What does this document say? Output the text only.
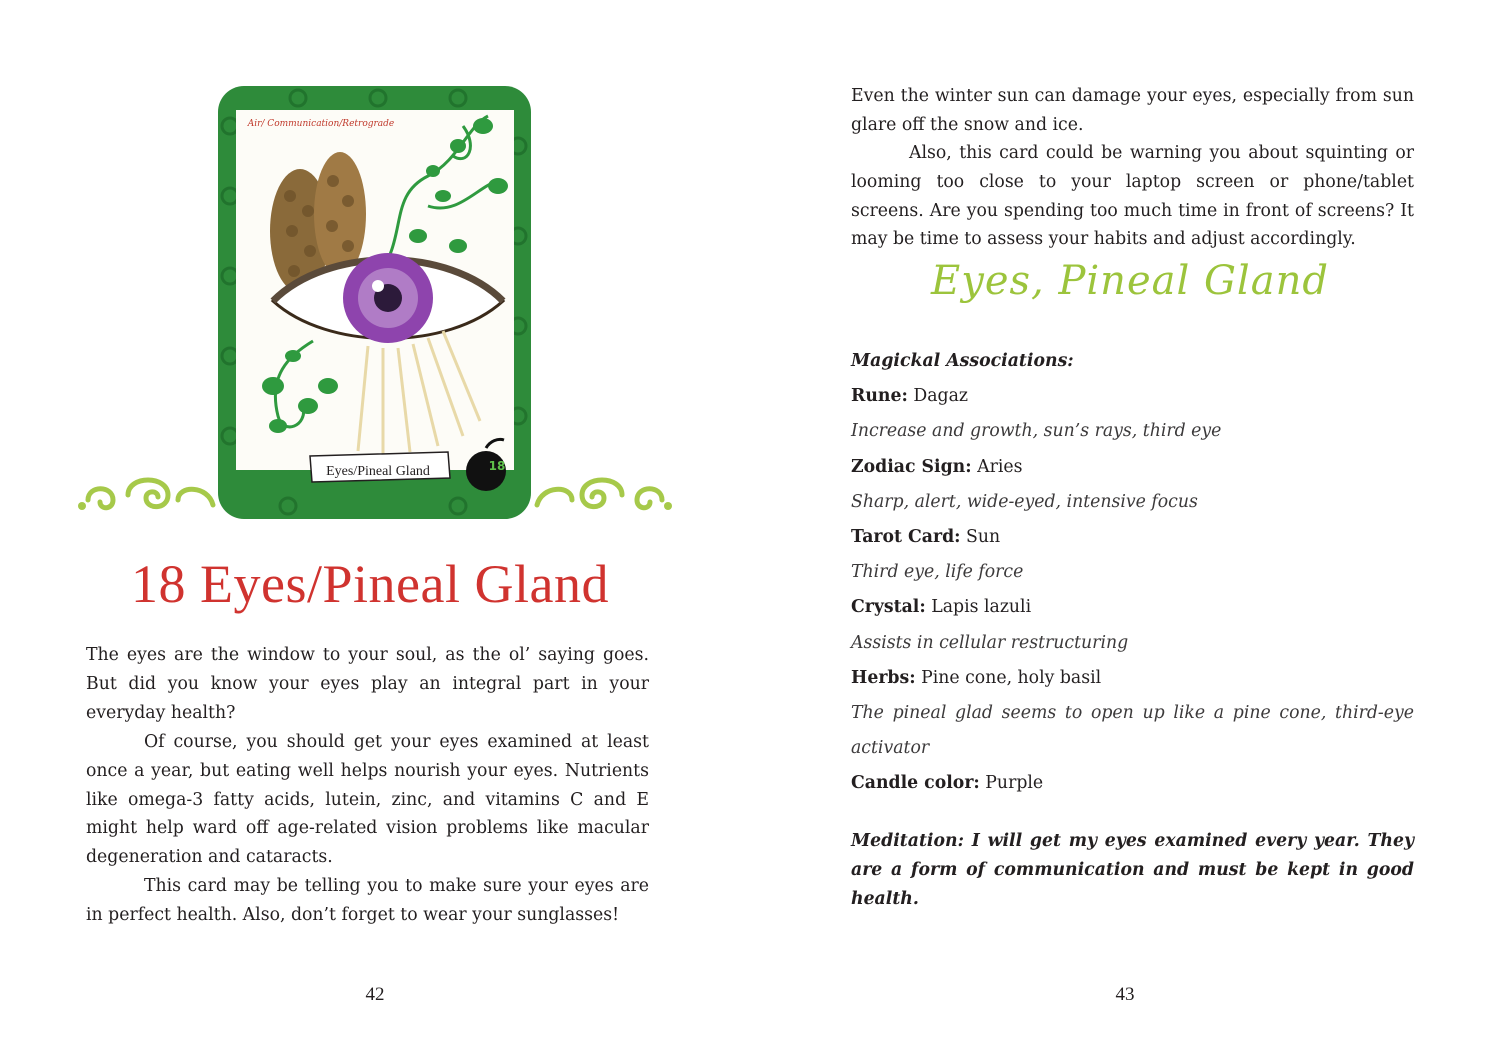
Air/ Communication/Retrograde
Eyes/Pineal Gland	18
18 Eyes/Pineal Gland

The eyes are the window to your soul, as the ol’ saying goes. But did you know your eyes play an integral part in your everyday health?

Of course, you should get your eyes examined at least once a year, but eating well helps nourish your eyes. Nutrients like omega-3 fatty acids, lutein, zinc, and vitamins C and E might help ward off age-related vision problems like macular degeneration and cataracts.

This card may be telling you to make sure your eyes are in perfect health. Also, don’t forget to wear your sunglasses!

42

Even the winter sun can damage your eyes, especially from sun glare off the snow and ice.

Also, this card could be warning you about squinting or looming too close to your laptop screen or phone/tablet screens. Are you spending too much time in front of screens? It may be time to assess your habits and adjust accordingly.

Eyes, Pineal Gland
Magickal Associations:
Rune: Dagaz
Increase and growth, sun’s rays, third eye
Zodiac Sign: Aries
Sharp, alert, wide-eyed, intensive focus
Tarot Card: Sun
Third eye, life force
Crystal: Lapis lazuli
Assists in cellular restructuring
Herbs: Pine cone, holy basil
The pineal glad seems to open up like a pine cone, third-eye activator
Candle color: Purple

Meditation: I will get my eyes examined every year. They are a form of communication and must be kept in good health.

43
